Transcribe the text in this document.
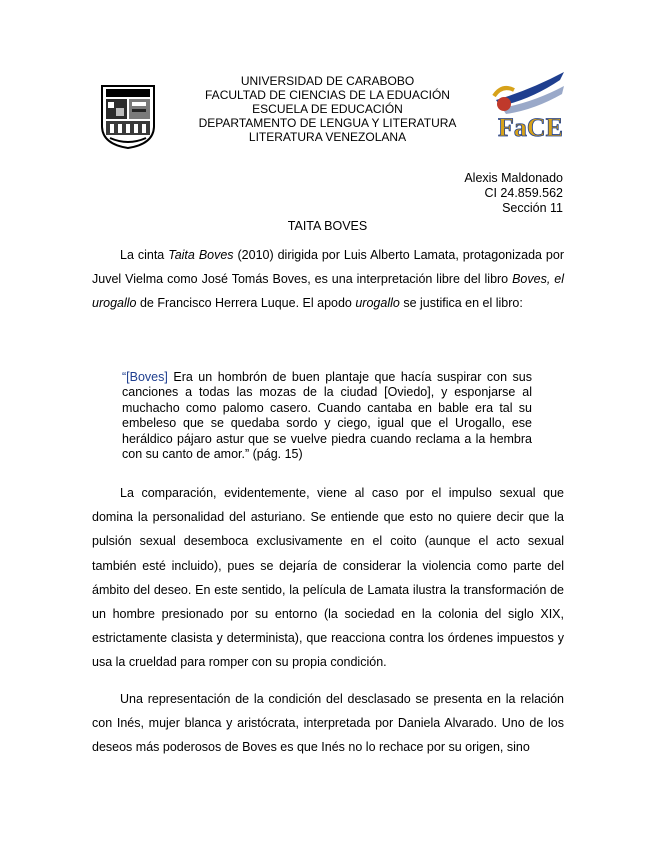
FaCE
UNIVERSIDAD DE CARABOBO
FACULTAD DE CIENCIAS DE LA EDUACIÓN
ESCUELA DE EDUCACIÓN
DEPARTAMENTO DE LENGUA Y LITERATURA
LITERATURA VENEZOLANA
Alexis Maldonado
CI 24.859.562
Sección 11
TAITA BOVES

La cinta Taita Boves (2010) dirigida por Luis Alberto Lamata, protagonizada por Juvel Vielma como José Tomás Boves, es una interpretación libre del libro Boves, el urogallo de Francisco Herrera Luque. El apodo urogallo se justifica en el libro:

“[Boves] Era un hombrón de buen plantaje que hacía suspirar con sus canciones a todas las mozas de la ciudad [Oviedo], y esponjarse al muchacho como palomo casero. Cuando cantaba en bable era tal su embeleso que se quedaba sordo y ciego, igual que el Urogallo, ese heráldico pájaro astur que se vuelve piedra cuando reclama a la hembra con su canto de amor.” (pág. 15)

La comparación, evidentemente, viene al caso por el impulso sexual que domina la personalidad del asturiano. Se entiende que esto no quiere decir que la pulsión sexual desemboca exclusivamente en el coito (aunque el acto sexual también esté incluido), pues se dejaría de considerar la violencia como parte del ámbito del deseo. En este sentido, la película de Lamata ilustra la transformación de un hombre presionado por su entorno (la sociedad en la colonia del siglo XIX, estrictamente clasista y determinista), que reacciona contra los órdenes impuestos y usa la crueldad para romper con su propia condición.

Una representación de la condición del desclasado se presenta en la relación con Inés, mujer blanca y aristócrata, interpretada por Daniela Alvarado. Uno de los deseos más poderosos de Boves es que Inés no lo rechace por su origen, sino
